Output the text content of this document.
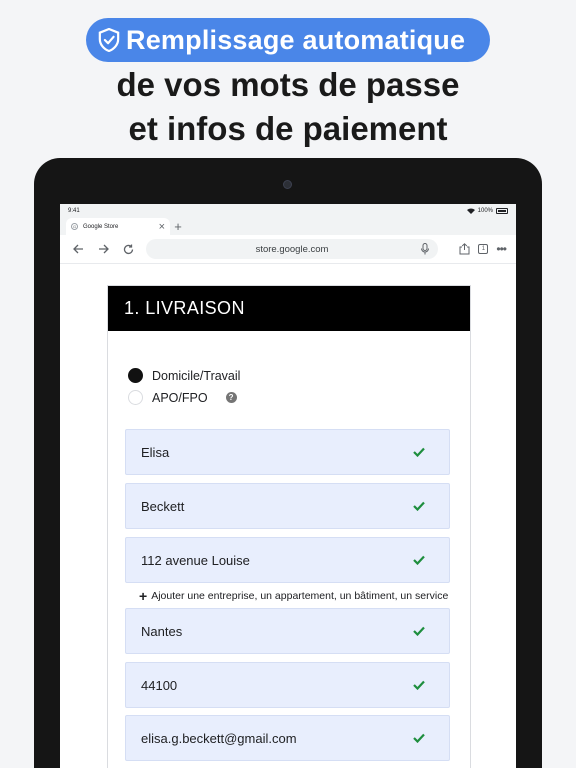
Remplissage automatique
de vos mots de passe
et infos de paiement
9:41	100%
G	Google Store	× +
store.google.com	1 •••
1. LIVRAISON
Domicile/Travail
APO/FPO	?
Elisa
Beckett
112 avenue Louise
+ Ajouter une entreprise, un appartement, un bâtiment, un service
Nantes
44100
elisa.g.beckett@gmail.com
